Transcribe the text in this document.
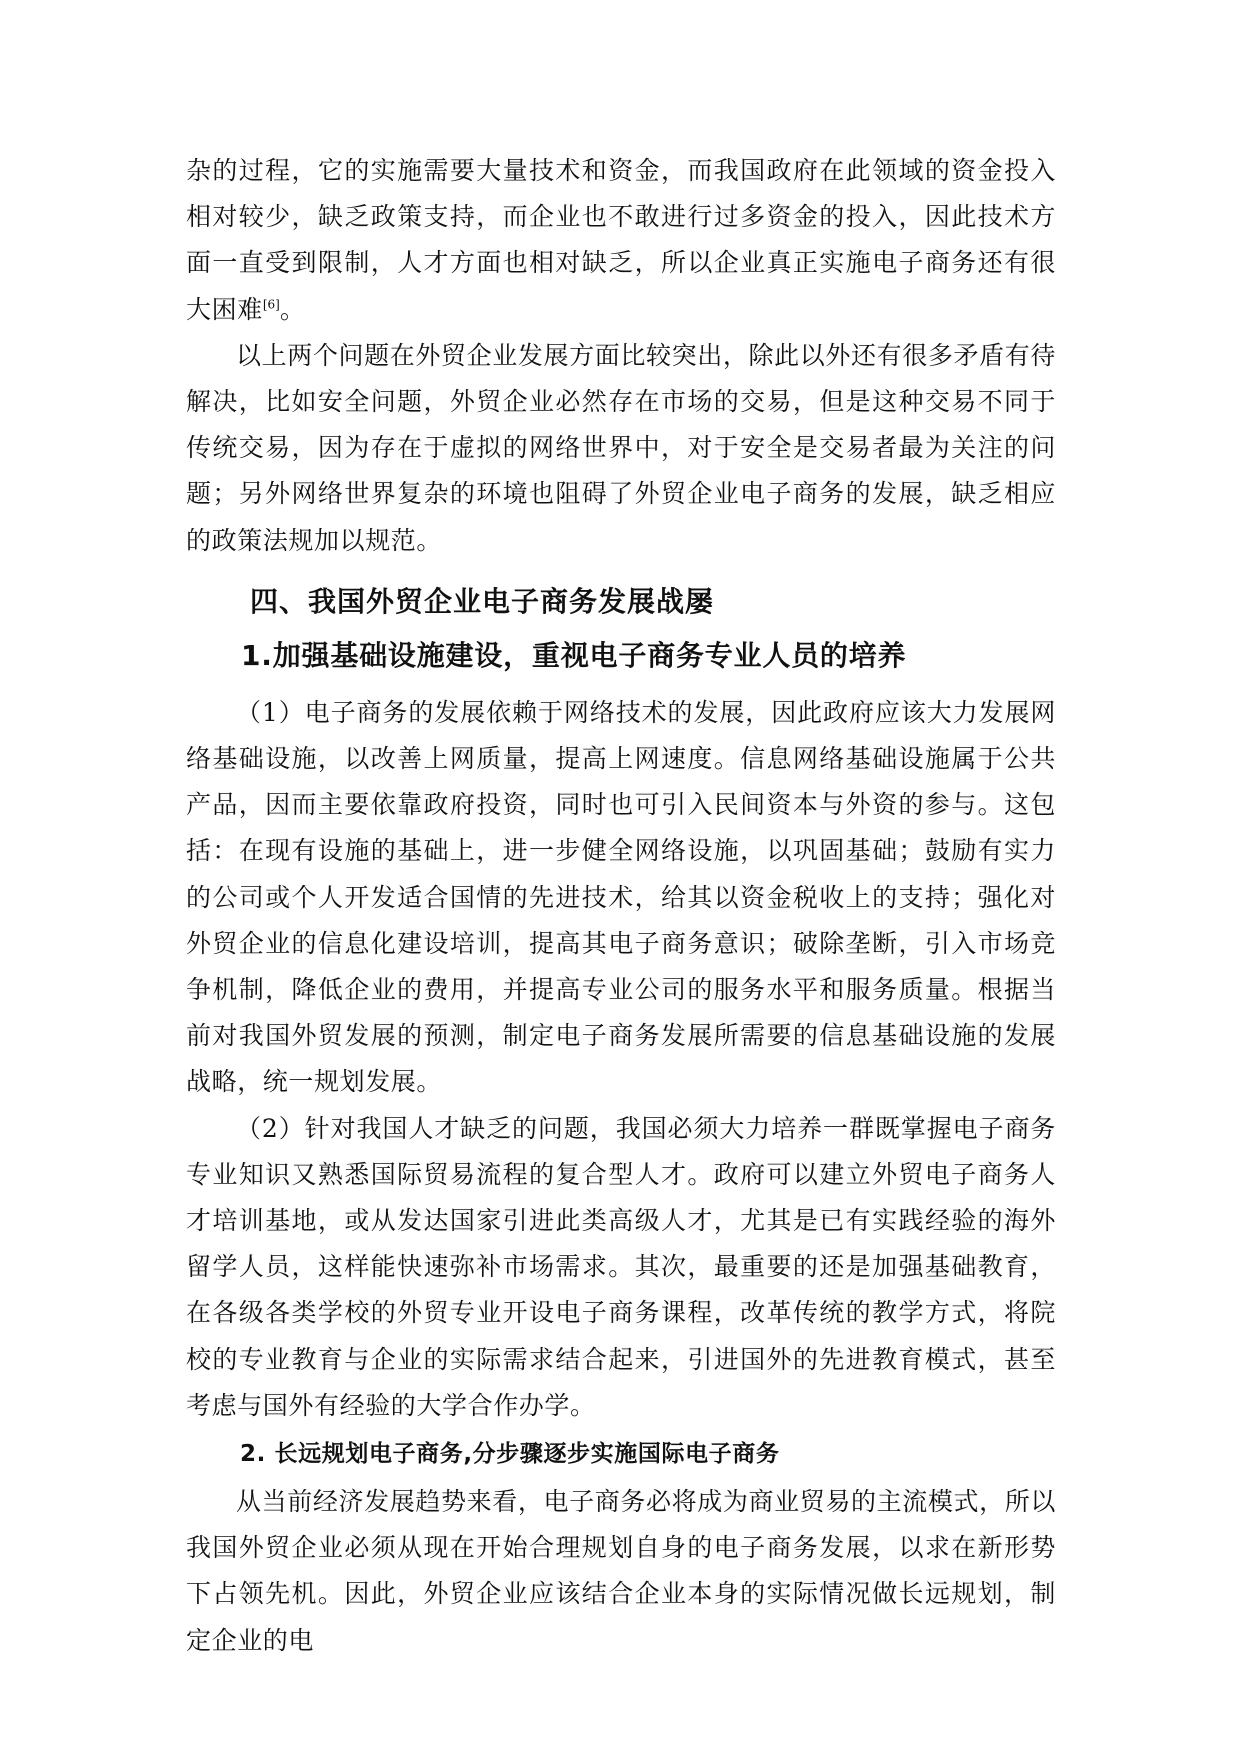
杂的过程，它的实施需要大量技术和资金，而我国政府在此领域的资金投入相对较少，缺乏政策支持，而企业也不敢进行过多资金的投入，因此技术方面一直受到限制，人才方面也相对缺乏，所以企业真正实施电子商务还有很大困难[6]。

以上两个问题在外贸企业发展方面比较突出，除此以外还有很多矛盾有待解决，比如安全问题，外贸企业必然存在市场的交易，但是这种交易不同于传统交易，因为存在于虚拟的网络世界中，对于安全是交易者最为关注的问题；另外网络世界复杂的环境也阻碍了外贸企业电子商务的发展，缺乏相应的政策法规加以规范。

四、我国外贸企业电子商务发展战屡
1.加强基础设施建设，重视电子商务专业人员的培养

（1）电子商务的发展依赖于网络技术的发展，因此政府应该大力发展网络基础设施，以改善上网质量，提高上网速度。信息网络基础设施属于公共产品，因而主要依靠政府投资，同时也可引入民间资本与外资的参与。这包括：在现有设施的基础上，进一步健全网络设施，以巩固基础；鼓励有实力的公司或个人开发适合国情的先进技术，给其以资金税收上的支持；强化对外贸企业的信息化建设培训，提高其电子商务意识；破除垄断，引入市场竞争机制，降低企业的费用，并提高专业公司的服务水平和服务质量。根据当前对我国外贸发展的预测，制定电子商务发展所需要的信息基础设施的发展战略，统一规划发展。

（2）针对我国人才缺乏的问题，我国必须大力培养一群既掌握电子商务专业知识又熟悉国际贸易流程的复合型人才。政府可以建立外贸电子商务人才培训基地，或从发达国家引进此类高级人才，尤其是已有实践经验的海外留学人员，这样能快速弥补市场需求。其次，最重要的还是加强基础教育，在各级各类学校的外贸专业开设电子商务课程，改革传统的教学方式，将院校的专业教育与企业的实际需求结合起来，引进国外的先进教育模式，甚至考虑与国外有经验的大学合作办学。

2. 长远规划电子商务,分步骤逐步实施国际电子商务

从当前经济发展趋势来看，电子商务必将成为商业贸易的主流模式，所以我国外贸企业必须从现在开始合理规划自身的电子商务发展，以求在新形势下占领先机。因此，外贸企业应该结合企业本身的实际情况做长远规划，制定企业的电
